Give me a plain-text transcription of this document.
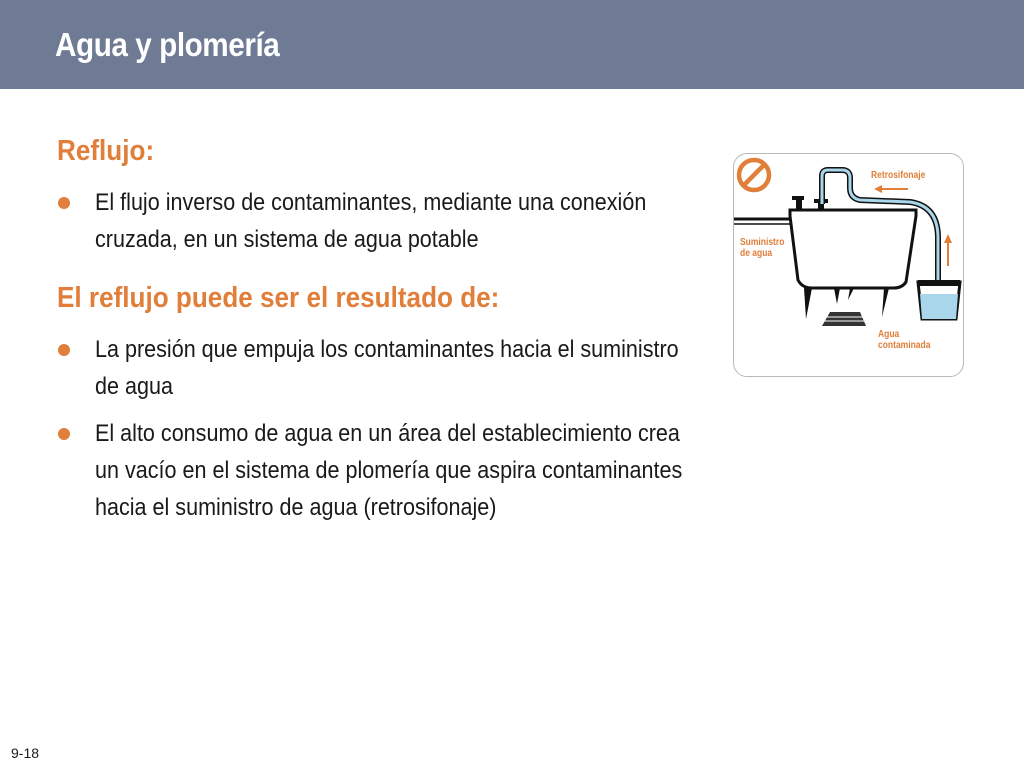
Agua y plomería
Reflujo:
El flujo inverso de contaminantes, mediante una conexión cruzada, en un sistema de agua potable
El reflujo puede ser el resultado de:
La presión que empuja los contaminantes hacia el suministro de agua
El alto consumo de agua en un área del establecimiento crea un vacío en el sistema de plomería que aspira contaminantes hacia el suministro de agua (retrosifonaje)
Retrosifonaje
Suministro
de agua
Agua
contaminada
9-18
